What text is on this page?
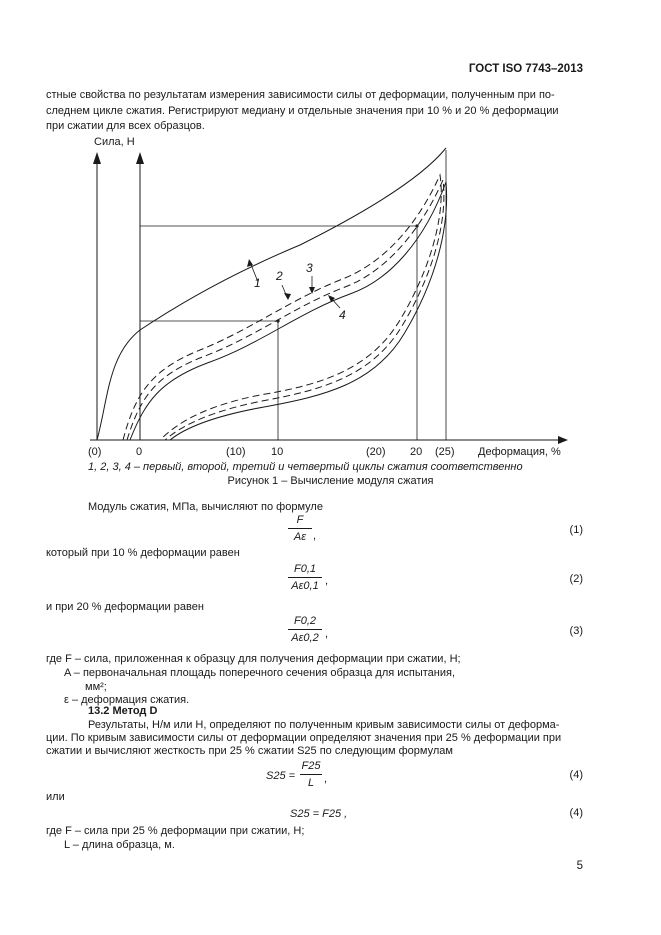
ГОСТ ISO 7743–2013
стные свойства по результатам измерения зависимости силы от деформации, полученным при по-
следнем цикле сжатия. Регистрируют медиану и отдельные значения при 10 % и 20 % деформации
при сжатии для всех образцов.
Сила, Н
Деформация, %
1 2
3
4
(0)	0	(10) 10	(20) 20 (25)
1, 2, 3, 4 – первый, второй, третий и четвертый циклы сжатия соответственно
Рисунок 1 – Вычисление модуля сжатия
Модуль сжатия, МПа, вычисляют по формуле
F
Aε ,	(1)
который при 10 % деформации равен
F0,1
Aε0,1 ,	(2)
и при 20 % деформации равен
F0,2
Aε0,2 ,	(3)
где F – сила, приложенная к образцу для получения деформации при сжатии, Н;
A – первоначальная площадь поперечного сечения образца для испытания,
мм²;
ε – деформация сжатия.
13.2 Метод D
Результаты, Н/м или Н, определяют по полученным кривым зависимости силы от деформа-
ции. По кривым зависимости силы от деформации определяют значения при 25 % деформации при
сжатии и вычисляют жесткость при 25 % сжатии S25 по следующим формулам
S25 =
F25
L ,	(4)
или
S25 = F25 ,	(4)
где F – сила при 25 % деформации при сжатии, Н;
L – длина образца, м.
5
